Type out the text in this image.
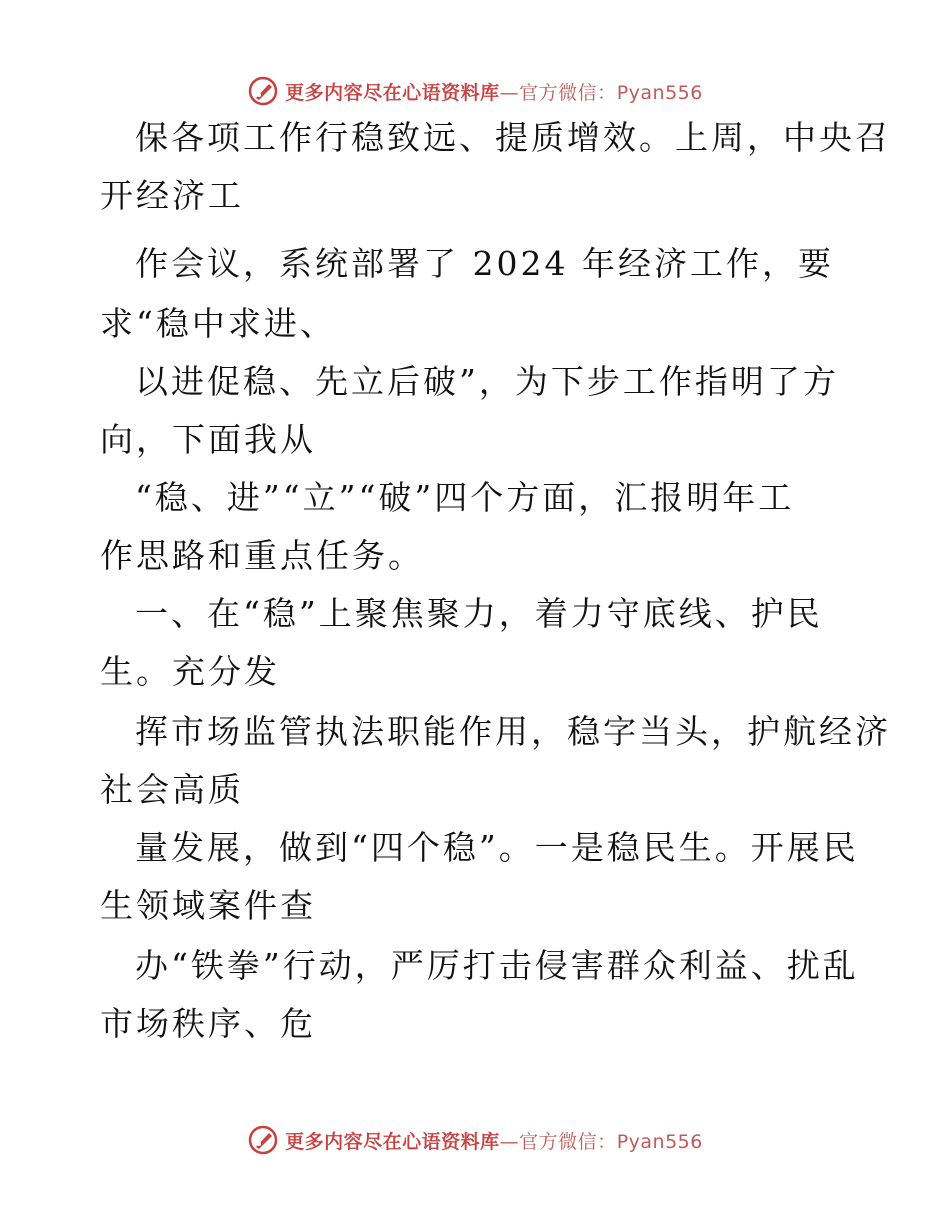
更多内容尽在心语资料库—官方微信：Pyan556
保各项工作行稳致远、提质增效。上周，中央召
开经济工
作会议，系统部署了 2024 年经济工作，要
求“稳中求进、
以进促稳、先立后破”，为下步工作指明了方
向，下面我从
“稳、进”“立”“破”四个方面，汇报明年工
作思路和重点任务。
一、在“稳”上聚焦聚力，着力守底线、护民
生。充分发
挥市场监管执法职能作用，稳字当头，护航经济
社会高质
量发展，做到“四个稳”。一是稳民生。开展民
生领域案件查
办“铁拳”行动，严厉打击侵害群众利益、扰乱
市场秩序、危
更多内容尽在心语资料库—官方微信：Pyan556
